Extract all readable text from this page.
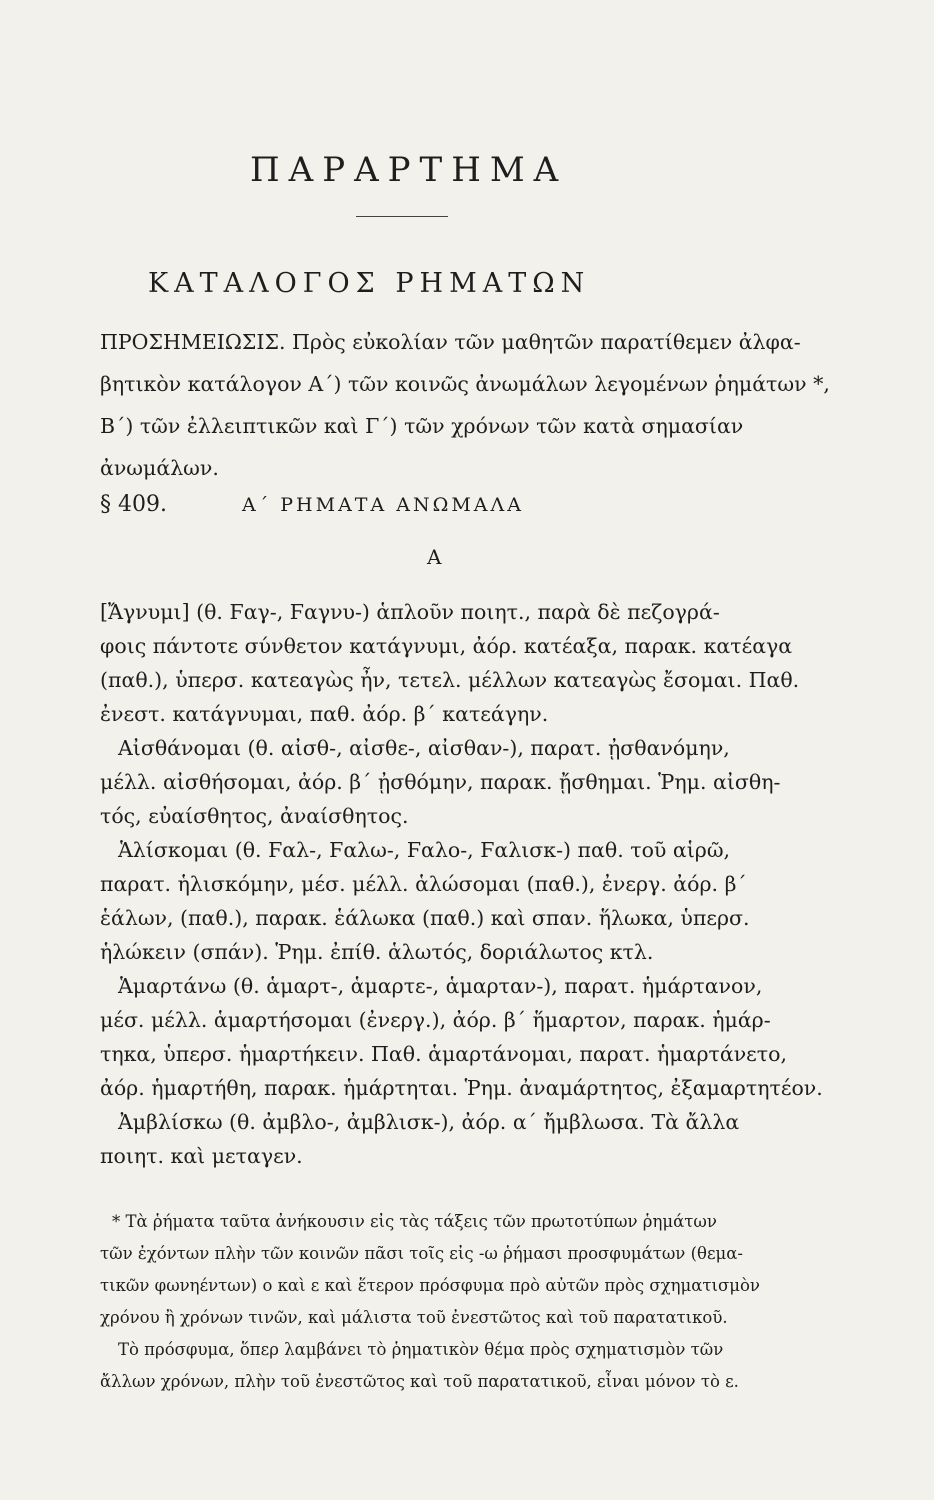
ΠΑΡΑΡΤΗΜΑ
ΚΑΤΑΛΟΓΟΣ ΡΗΜΑΤΩΝ
ΠΡΟΣΗΜΕΙΩΣΙΣ. Πρὸς εὐκολίαν τῶν μαθητῶν παρατίθεμεν ἀλφα-
βητικὸν κατάλογον Α΄) τῶν κοινῶς ἀνωμάλων λεγομένων ῥημάτων *,
Β΄) τῶν ἐλλειπτικῶν καὶ Γ΄) τῶν χρόνων τῶν κατὰ σημασίαν
ἀνωμάλων.
§ 409.	Α΄ ΡΗΜΑΤΑ ΑΝΩΜΑΛΑ
Α
[Ἄγνυμι] (θ. Ϝαγ-, Ϝαγνυ-) ἁπλοῦν ποιητ., παρὰ δὲ πεζογρά-
φοις πάντοτε σύνθετον κατάγνυμι, ἀόρ. κατέαξα, παρακ. κατέαγα
(παθ.), ὑπερσ. κατεαγὼς ἦν, τετελ. μέλλων κατεαγὼς ἔσομαι. Παθ.
ἐνεστ. κατάγνυμαι, παθ. ἀόρ. β΄ κατεάγην.
Αἰσθάνομαι (θ. αἰσθ-, αἰσθε-, αἰσθαν-), παρατ. ᾐσθανόμην,
μέλλ. αἰσθήσομαι, ἀόρ. β΄ ᾐσθόμην, παρακ. ᾔσθημαι. Ῥημ. αἰσθη-
τός, εὐαίσθητος, ἀναίσθητος.
Ἁλίσκομαι (θ. Ϝαλ-, Ϝαλω-, Ϝαλο-, Ϝαλισκ-) παθ. τοῦ αἱρῶ,
παρατ. ἡλισκόμην, μέσ. μέλλ. ἁλώσομαι (παθ.), ἐνεργ. ἀόρ. β΄
ἑάλων, (παθ.), παρακ. ἑάλωκα (παθ.) καὶ σπαν. ἥλωκα, ὑπερσ.
ἡλώκειν (σπάν). Ῥημ. ἐπίθ. ἁλωτός, δοριάλωτος κτλ.
Ἁμαρτάνω (θ. ἁμαρτ-, ἁμαρτε-, ἁμαρταν-), παρατ. ἡμάρτανον,
μέσ. μέλλ. ἁμαρτήσομαι (ἐνεργ.), ἀόρ. β΄ ἥμαρτον, παρακ. ἡμάρ-
τηκα, ὑπερσ. ἡμαρτήκειν. Παθ. ἁμαρτάνομαι, παρατ. ἡμαρτάνετο,
ἀόρ. ἡμαρτήθη, παρακ. ἡμάρτηται. Ῥημ. ἀναμάρτητος, ἐξαμαρτητέον.
Ἀμβλίσκω (θ. ἀμβλο-, ἀμβλισκ-), ἀόρ. α΄ ἤμβλωσα. Τὰ ἄλλα
ποιητ. καὶ μεταγεν.
* Τὰ ῥήματα ταῦτα ἀνήκουσιν εἰς τὰς τάξεις τῶν πρωτοτύπων ῥημάτων
τῶν ἐχόντων πλὴν τῶν κοινῶν πᾶσι τοῖς εἰς -ω ῥήμασι προσφυμάτων (θεμα-
τικῶν φωνηέντων) ο καὶ ε καὶ ἕτερον πρόσφυμα πρὸ αὐτῶν πρὸς σχηματισμὸν
χρόνου ἢ χρόνων τινῶν, καὶ μάλιστα τοῦ ἐνεστῶτος καὶ τοῦ παρατατικοῦ.
Τὸ πρόσφυμα, ὅπερ λαμβάνει τὸ ῥηματικὸν θέμα πρὸς σχηματισμὸν τῶν
ἄλλων χρόνων, πλὴν τοῦ ἐνεστῶτος καὶ τοῦ παρατατικοῦ, εἶναι μόνον τὸ ε.
